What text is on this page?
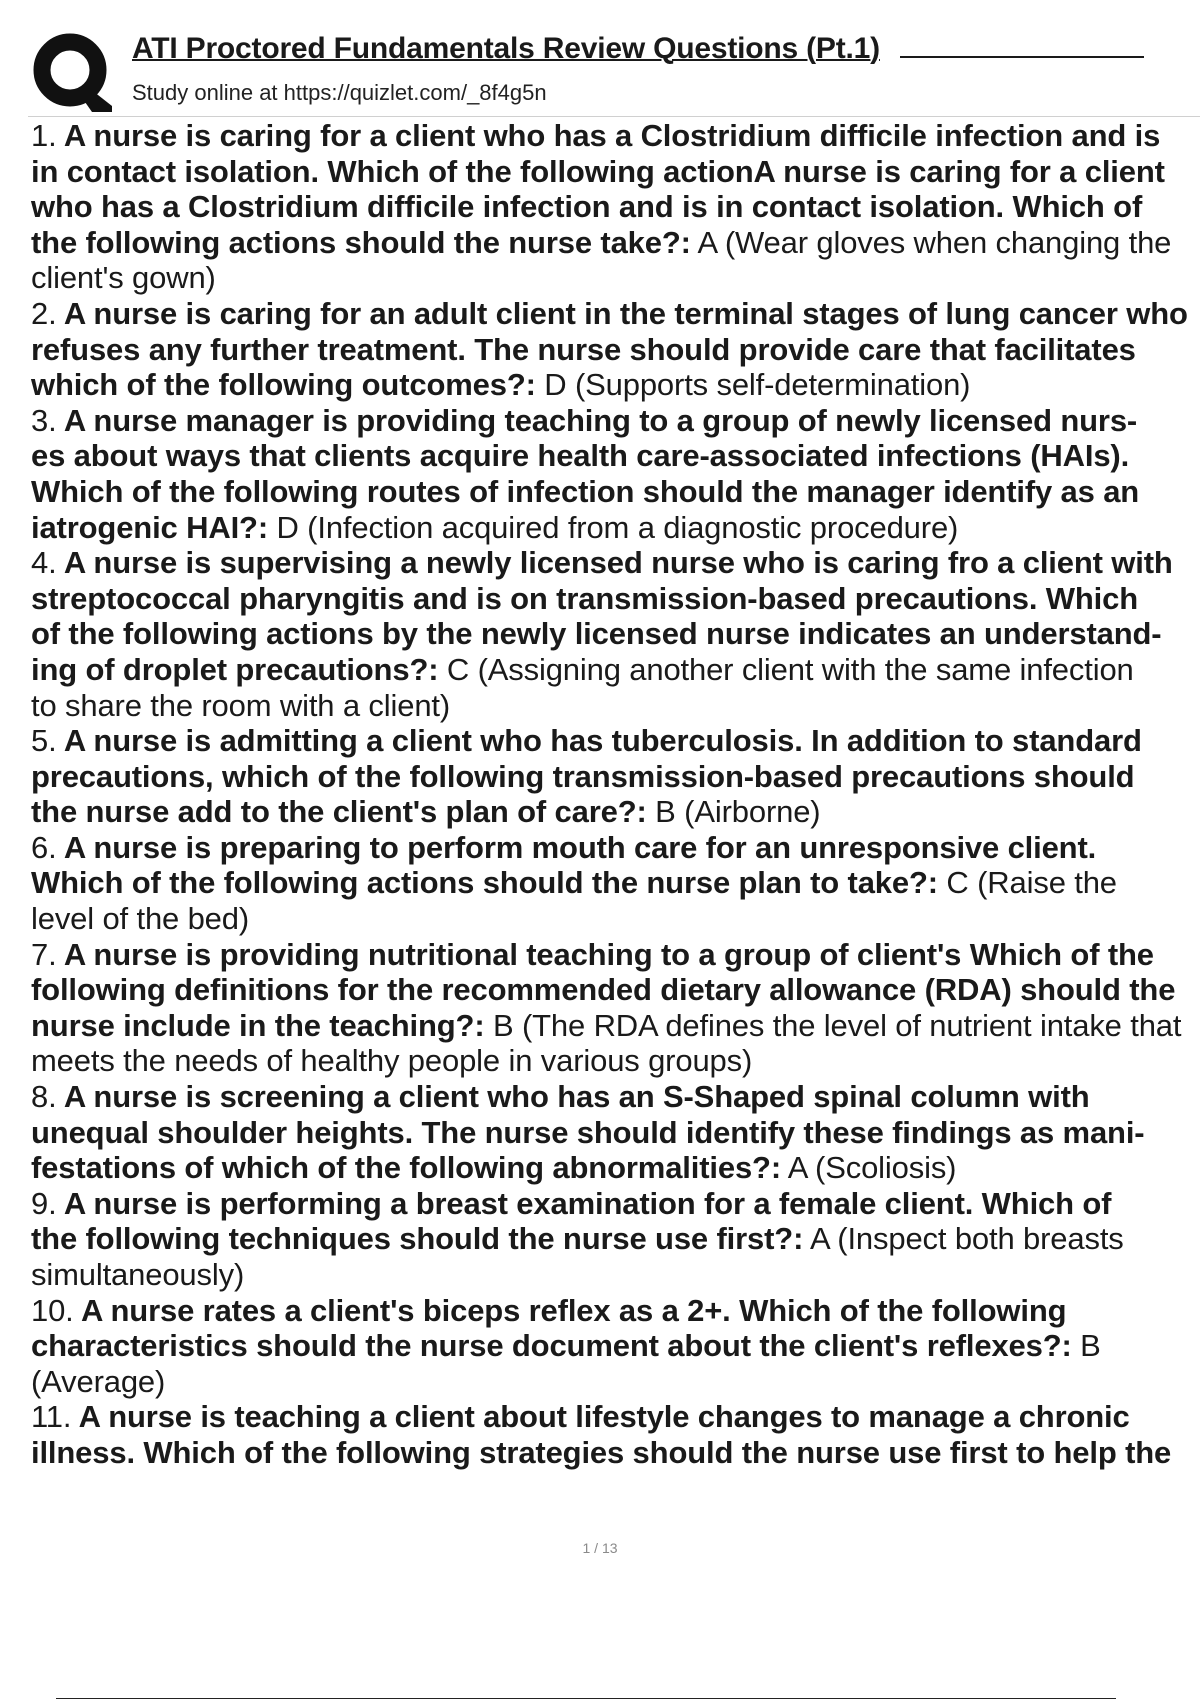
ATI Proctored Fundamentals Review Questions (Pt.1)
Study online at https://quizlet.com/_8f4g5n
1. A nurse is caring for a client who has a Clostridium difficile infection and is
in contact isolation. Which of the following actionA nurse is caring for a client
who has a Clostridium difficile infection and is in contact isolation. Which of
the following actions should the nurse take?: A (Wear gloves when changing the
client's gown)
2. A nurse is caring for an adult client in the terminal stages of lung cancer who
refuses any further treatment. The nurse should provide care that facilitates
which of the following outcomes?: D (Supports self-determination)
3. A nurse manager is providing teaching to a group of newly licensed nurs-
es about ways that clients acquire health care-associated infections (HAIs).
Which of the following routes of infection should the manager identify as an
iatrogenic HAI?: D (Infection acquired from a diagnostic procedure)
4. A nurse is supervising a newly licensed nurse who is caring fro a client with
streptococcal pharyngitis and is on transmission-based precautions. Which
of the following actions by the newly licensed nurse indicates an understand-
ing of droplet precautions?: C (Assigning another client with the same infection
to share the room with a client)
5. A nurse is admitting a client who has tuberculosis. In addition to standard
precautions, which of the following transmission-based precautions should
the nurse add to the client's plan of care?: B (Airborne)
6. A nurse is preparing to perform mouth care for an unresponsive client.
Which of the following actions should the nurse plan to take?: C (Raise the
level of the bed)
7. A nurse is providing nutritional teaching to a group of client's Which of the
following definitions for the recommended dietary allowance (RDA) should the
nurse include in the teaching?: B (The RDA defines the level of nutrient intake that
meets the needs of healthy people in various groups)
8. A nurse is screening a client who has an S-Shaped spinal column with
unequal shoulder heights. The nurse should identify these findings as mani-
festations of which of the following abnormalities?: A (Scoliosis)
9. A nurse is performing a breast examination for a female client. Which of
the following techniques should the nurse use first?: A (Inspect both breasts
simultaneously)
10. A nurse rates a client's biceps reflex as a 2+. Which of the following
characteristics should the nurse document about the client's reflexes?: B
(Average)
11. A nurse is teaching a client about lifestyle changes to manage a chronic
illness. Which of the following strategies should the nurse use first to help the
1 / 13
